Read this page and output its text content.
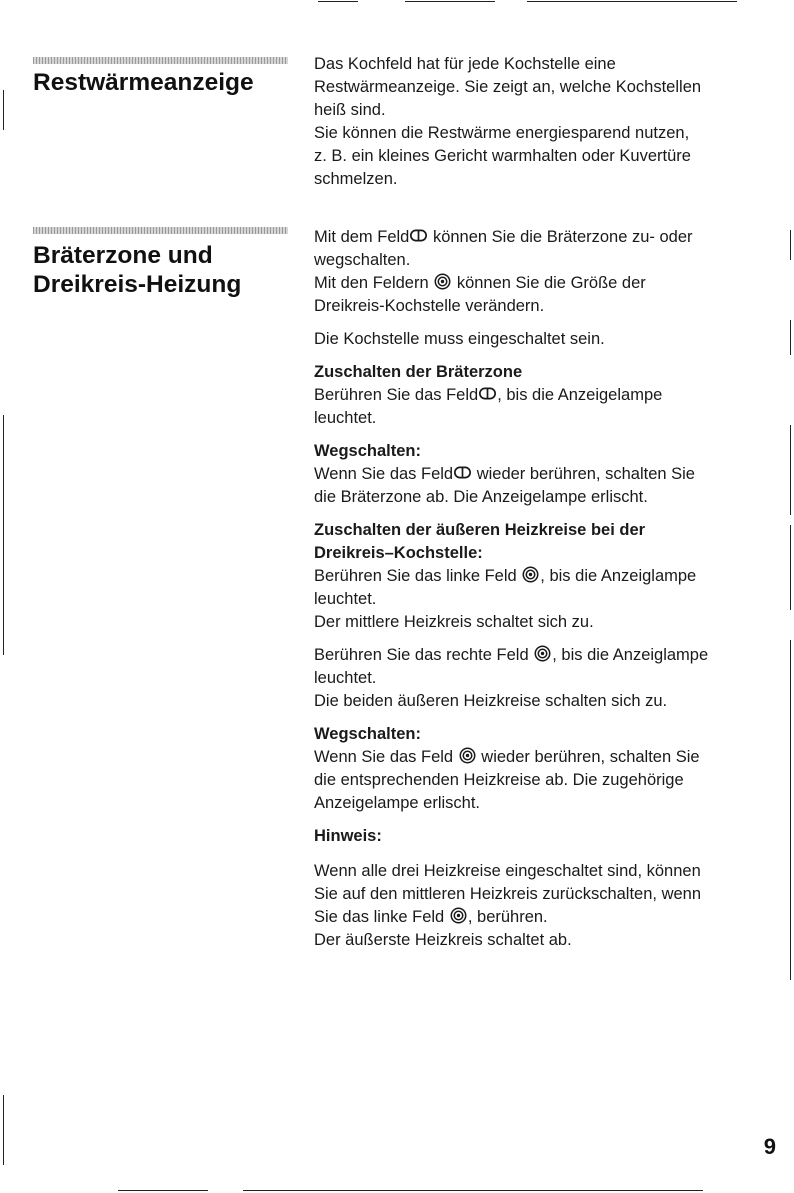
Restwärmeanzeige

Das Kochfeld hat für jede Kochstelle eine

Restwärmeanzeige. Sie zeigt an, welche Kochstellen

heiß sind.

Sie können die Restwärme energiesparend nutzen,

z. B. ein kleines Gericht warmhalten oder Kuvertüre

schmelzen.

Bräterzone und
Dreikreis-Heizung

Mit dem Feld
können Sie die Bräterzone zu- oder

wegschalten.

Mit den Feldern
können Sie die Größe der

Dreikreis-Kochstelle verändern.

Die Kochstelle muss eingeschaltet sein.

Zuschalten der Bräterzone

Berühren Sie das Feld , bis die Anzeigelampe

leuchtet.

Wegschalten:

Wenn Sie das Feld
wieder berühren, schalten Sie

die Bräterzone ab. Die Anzeigelampe erlischt.

Zuschalten der äußeren Heizkreise bei der

Dreikreis–Kochstelle:

Berühren Sie das linke Feld , bis die Anzeiglampe

leuchtet.

Der mittlere Heizkreis schaltet sich zu.

Berühren Sie das rechte Feld , bis die Anzeiglampe

leuchtet.

Die beiden äußeren Heizkreise schalten sich zu.

Wegschalten:

Wenn Sie das Feld
wieder berühren, schalten Sie

die entsprechenden Heizkreise ab. Die zugehörige

Anzeigelampe erlischt.

Hinweis:

Wenn alle drei Heizkreise eingeschaltet sind, können

Sie auf den mittleren Heizkreis zurückschalten, wenn

Sie das linke Feld , berühren.

Der äußerste Heizkreis schaltet ab.

9
